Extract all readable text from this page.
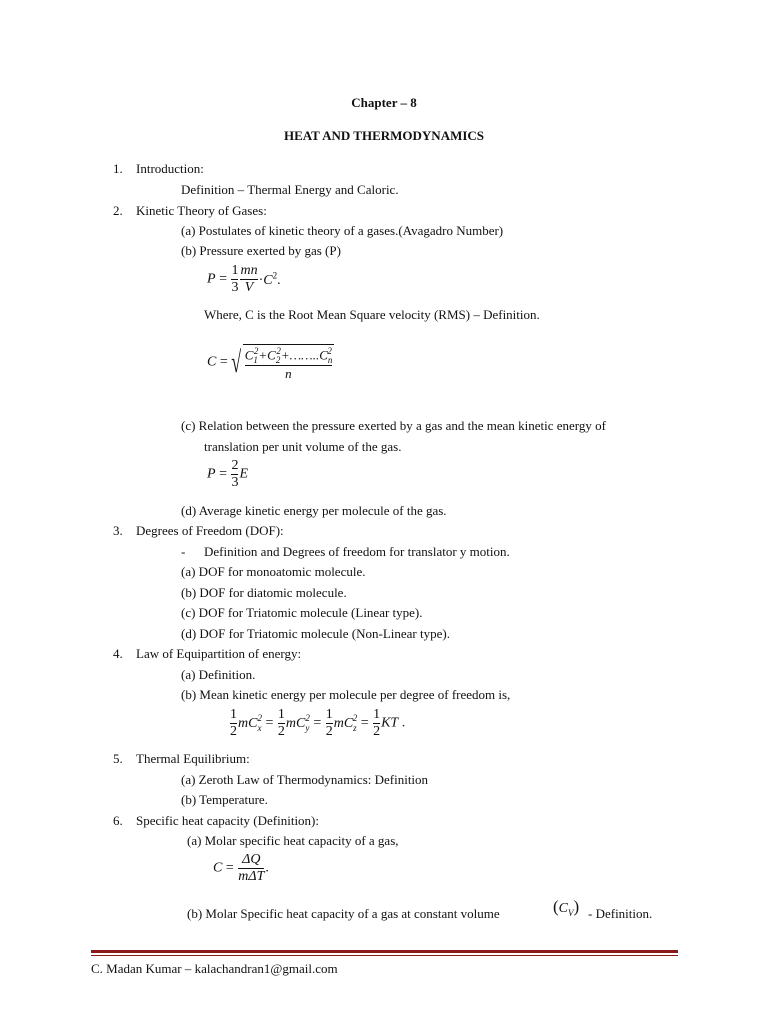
Chapter – 8
HEAT AND THERMODYNAMICS
1. Introduction:
Definition – Thermal Energy and Caloric.
2. Kinetic Theory of Gases:
(a) Postulates of kinetic theory of a gases.(Avagadro Number)
(b) Pressure exerted by gas (P)
$P = \frac{1}{3} \frac{mn}{V} \cdot C^2$.
Where, C is the Root Mean Square velocity (RMS) – Definition.
C = √ $\frac{C_1^2+C_2^2+\dots\dots..C_n^2}{n}$
(c) Relation between the pressure exerted by a gas and the mean kinetic energy of
translation per unit volume of the gas.
$P = \frac{2}{3}$ E
(d) Average kinetic energy per molecule of the gas.
3. Degrees of Freedom (DOF):
- Definition and Degrees of freedom for translator y motion.
(a) DOF for monoatomic molecule.
(b) DOF for diatomic molecule.
(c) DOF for Triatomic molecule (Linear type).
(d) DOF for Triatomic molecule (Non-Linear type).
4. Law of Equipartition of energy:
(a) Definition.
(b) Mean kinetic energy per molecule per degree of freedom is,
$\frac{1}{2} mC_x^2 = \frac{1}{2} mC_y^2 = \frac{1}{2} mC_z^2 = \frac{1}{2}$ KT .
5. Thermal Equilibrium:
(a) Zeroth Law of Thermodynamics: Definition
(b) Temperature.
6. Specific heat capacity (Definition):
(a) Molar specific heat capacity of a gas,
$C = \frac{\Delta Q}{\text{mΔT}}$ .
(b) Molar Specific heat capacity of a gas at constant volume	$(C_V)$ - Definition.
C. Madan Kumar – kalachandran1@gmail.com
